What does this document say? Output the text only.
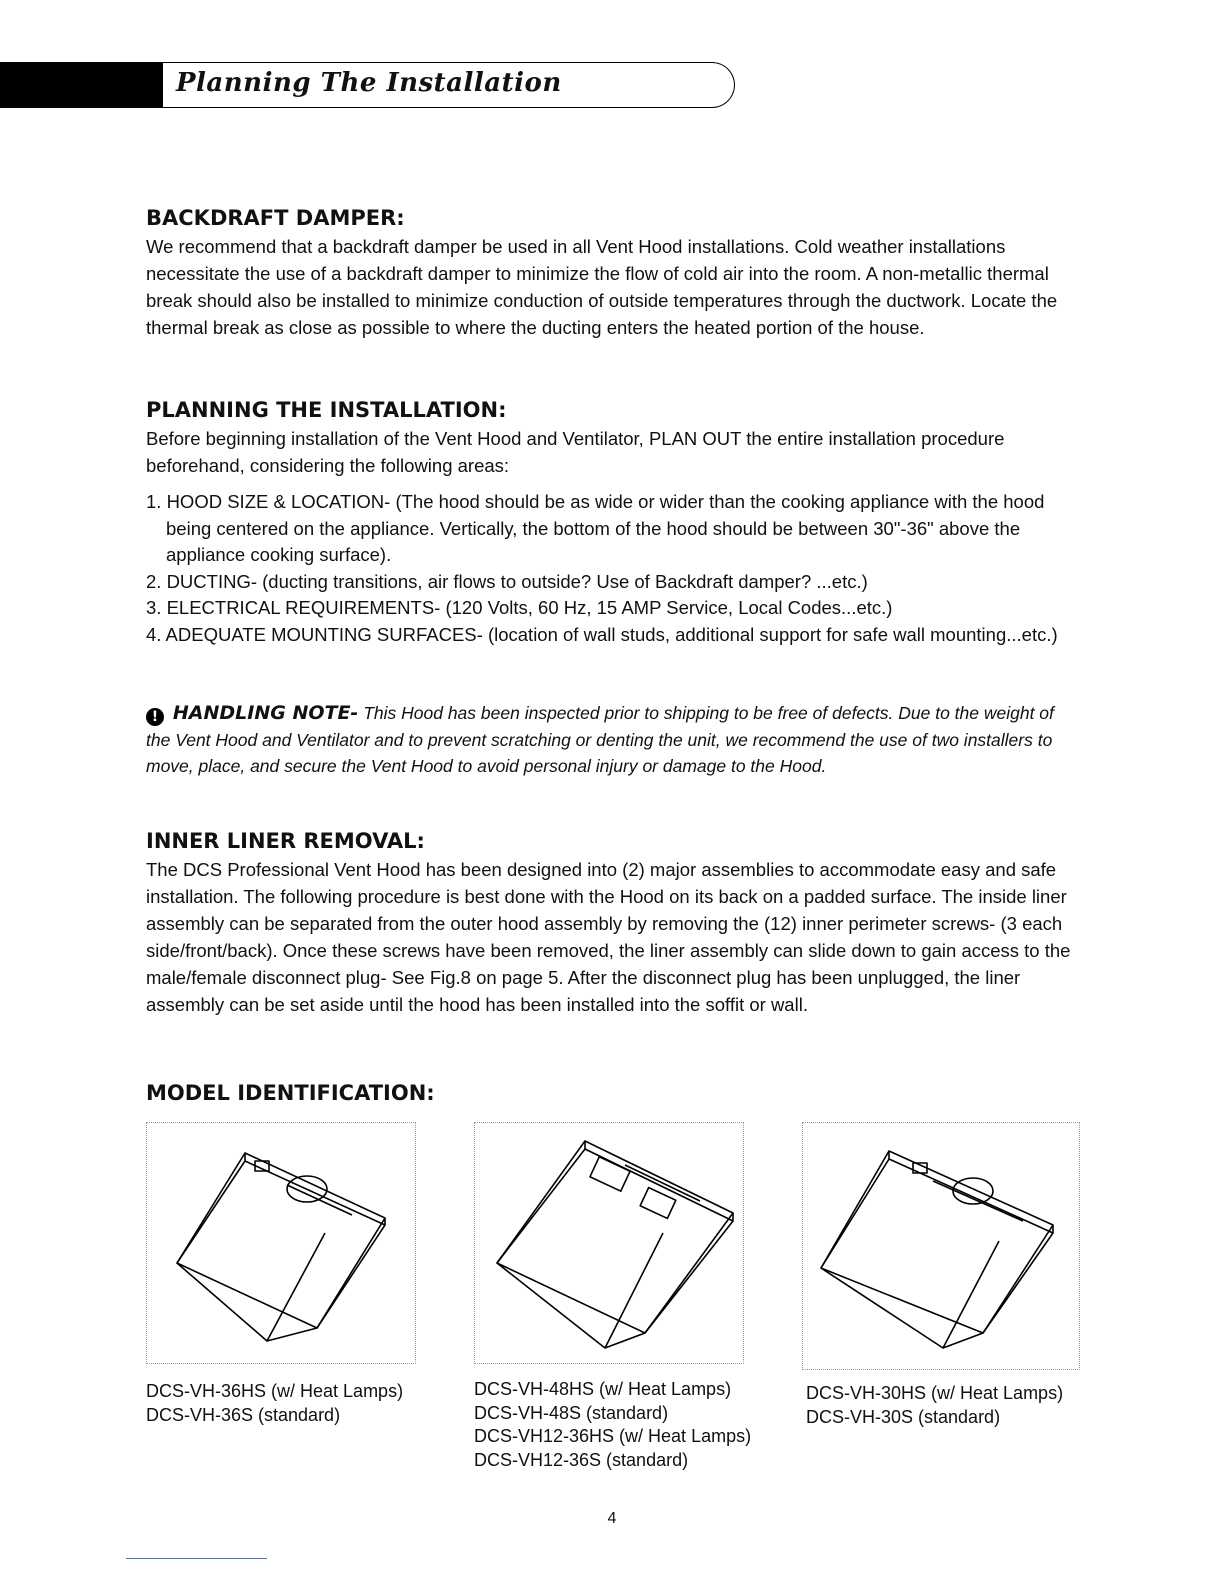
Planning The Installation
BACKDRAFT DAMPER:

We recommend that a backdraft damper be used in all Vent Hood installations. Cold weather installations necessitate the use of a backdraft damper to minimize the flow of cold air into the room. A non-metallic thermal break should also be installed to minimize conduction of outside temperatures through the ductwork. Locate the thermal break as close as possible to where the ducting enters the heated portion of the house.

PLANNING THE INSTALLATION:

Before beginning installation of the Vent Hood and Ventilator, PLAN OUT the entire installation procedure beforehand, considering the following areas:

1. HOOD SIZE & LOCATION- (The hood should be as wide or wider than the cooking appliance with the hood being centered on the appliance. Vertically, the bottom of the hood should be between 30"-36" above the appliance cooking surface).
2. DUCTING- (ducting transitions, air flows to outside? Use of Backdraft damper? ...etc.)
3. ELECTRICAL REQUIREMENTS- (120 Volts, 60 Hz, 15 AMP Service, Local Codes...etc.)
4. ADEQUATE MOUNTING SURFACES- (location of wall studs, additional support for safe wall mounting...etc.)

! HANDLING NOTE- This Hood has been inspected prior to shipping to be free of defects. Due to the weight of the Vent Hood and Ventilator and to prevent scratching or denting the unit, we recommend the use of two installers to move, place, and secure the Vent Hood to avoid personal injury or damage to the Hood.

INNER LINER REMOVAL:

The DCS Professional Vent Hood has been designed into (2) major assemblies to accommodate easy and safe installation. The following procedure is best done with the Hood on its back on a padded surface. The inside liner assembly can be separated from the outer hood assembly by removing the (12) inner perimeter screws- (3 each side/front/back). Once these screws have been removed, the liner assembly can slide down to gain access to the male/female disconnect plug- See Fig.8 on page 5. After the disconnect plug has been unplugged, the liner assembly can be set aside until the hood has been installed into the soffit or wall.

MODEL IDENTIFICATION:
DCS-VH-36HS (w/ Heat Lamps)
DCS-VH-36S (standard)
DCS-VH-48HS (w/ Heat Lamps)
DCS-VH-48S (standard)
DCS-VH12-36HS (w/ Heat Lamps)
DCS-VH12-36S (standard)
DCS-VH-30HS (w/ Heat Lamps)
DCS-VH-30S (standard)
4
